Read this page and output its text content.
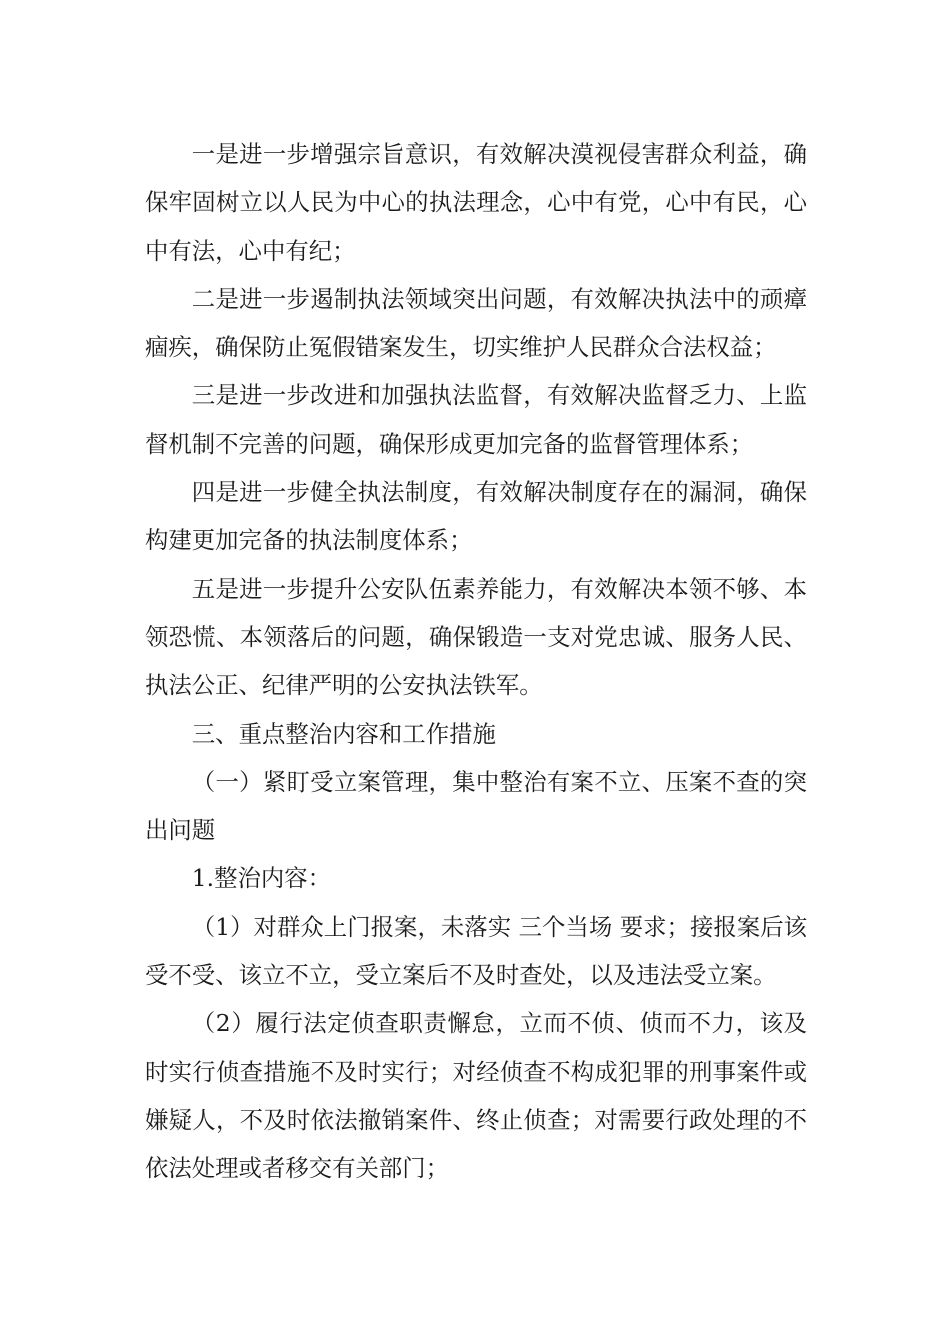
一是进一步增强宗旨意识，有效解决漠视侵害群众利益，确保牢固树立以人民为中心的执法理念，心中有党，心中有民，心中有法，心中有纪；

二是进一步遏制执法领域突出问题，有效解决执法中的顽瘴痼疾，确保防止冤假错案发生，切实维护人民群众合法权益；

三是进一步改进和加强执法监督，有效解决监督乏力、上监督机制不完善的问题，确保形成更加完备的监督管理体系；

四是进一步健全执法制度，有效解决制度存在的漏洞，确保构建更加完备的执法制度体系；

五是进一步提升公安队伍素养能力，有效解决本领不够、本领恐慌、本领落后的问题，确保锻造一支对党忠诚、服务人民、执法公正、纪律严明的公安执法铁军。

三、重点整治内容和工作措施

（一）紧盯受立案管理，集中整治有案不立、压案不查的突出问题

1.整治内容：

（1）对群众上门报案，未落实 三个当场 要求；接报案后该受不受、该立不立，受立案后不及时查处，以及违法受立案。

（2）履行法定侦查职责懈怠，立而不侦、侦而不力，该及时实行侦查措施不及时实行；对经侦查不构成犯罪的刑事案件或嫌疑人，不及时依法撤销案件、终止侦查；对需要行政处理的不依法处理或者移交有关部门；
